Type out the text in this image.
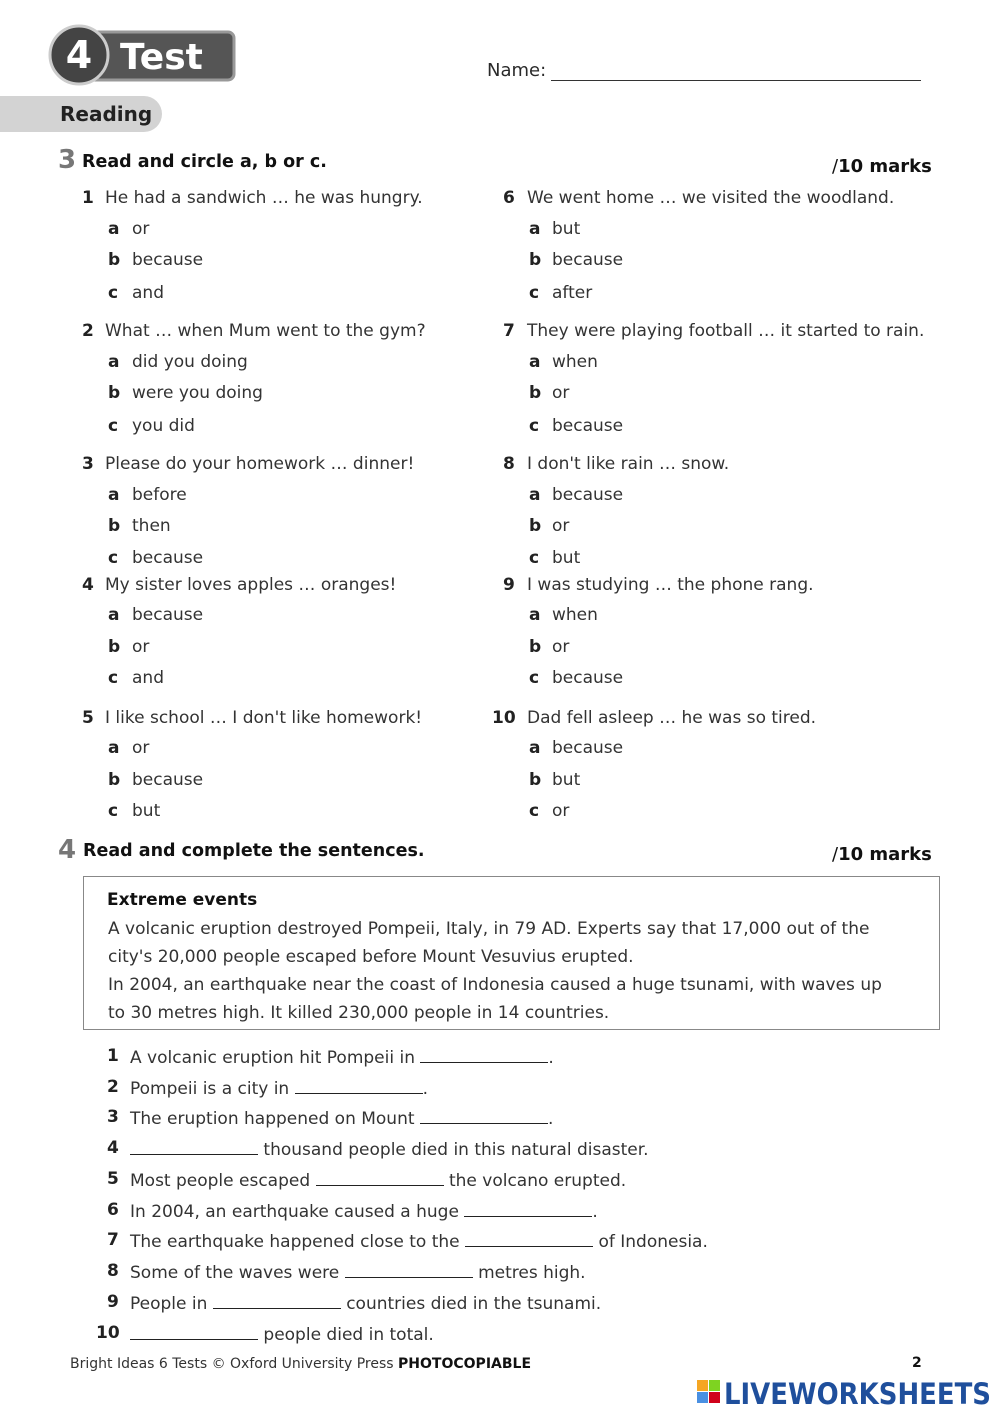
4 Test	Name:
Reading
3 Read and circle a, b or c.	/10 marks
1 He had a sandwich … he was hungry.
a or
b because
c and
2 What … when Mum went to the gym?
a did you doing
b were you doing
c you did
3 Please do your homework … dinner!
a before
b then
c because
4 My sister loves apples … oranges!
a because
b or
c and
5 I like school … I don't like homework!
a or
b because
c but
6 We went home … we visited the woodland.
a but
b because
c after
7 They were playing football … it started to rain.
a when
b or
c because
8 I don't like rain … snow.
a because
b or
c but
9 I was studying … the phone rang.
a when
b or
c because
10 Dad fell asleep … he was so tired.
a because
b but
c or
4 Read and complete the sentences.	/10 marks
Extreme events
A volcanic eruption destroyed Pompeii, Italy, in 79 AD. Experts say that 17,000 out of the
city's 20,000 people escaped before Mount Vesuvius erupted.
In 2004, an earthquake near the coast of Indonesia caused a huge tsunami, with waves up
to 30 metres high. It killed 230,000 people in 14 countries.
1 A volcanic eruption hit Pompeii in	.
2 Pompeii is a city in	.
3 The eruption happened on Mount	.
4	thousand people died in this natural disaster.
5 Most people escaped	the volcano erupted.
6 In 2004, an earthquake caused a huge	.
7 The earthquake happened close to the	of Indonesia.
8 Some of the waves were	metres high.
9 People in	countries died in the tsunami.
10	people died in total.
Bright Ideas 6 Tests © Oxford University Press PHOTOCOPIABLE	2
LIVEWORKSHEETS
